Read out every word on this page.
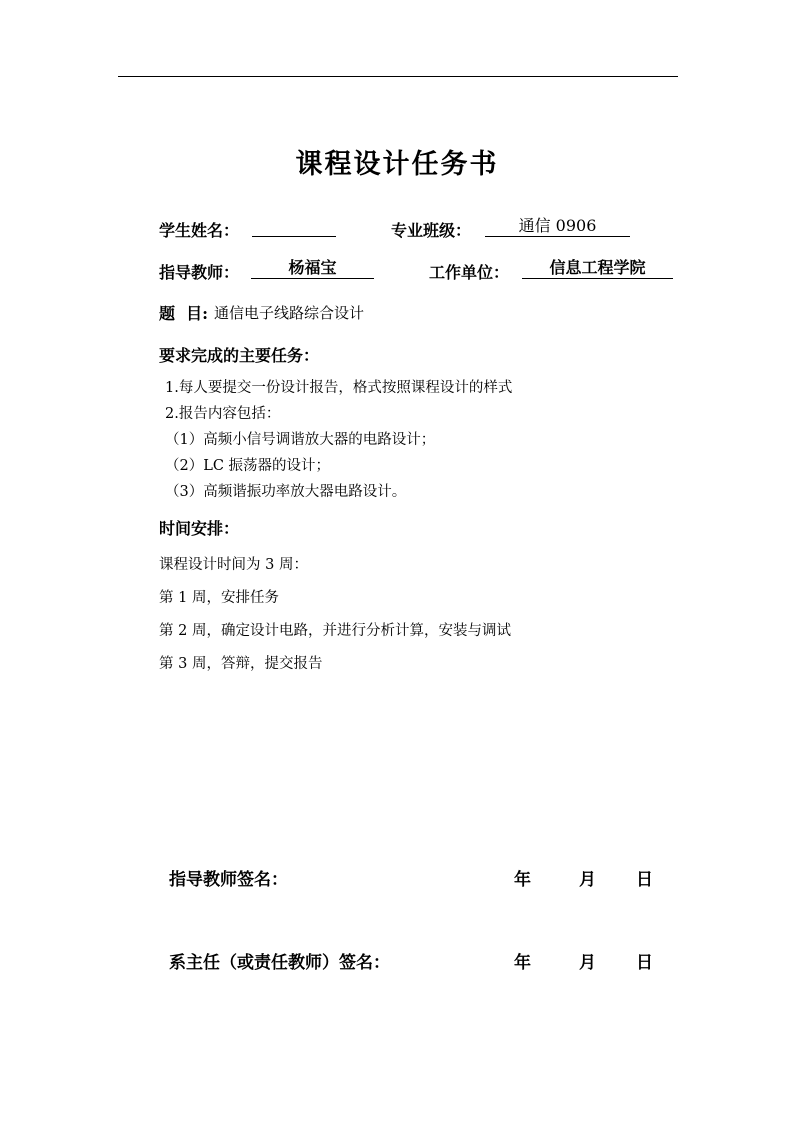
课程设计任务书
学生姓名：	专业班级：	通信 0906
指导教师：	杨福宝	工作单位：	信息工程学院
题  目: 通信电子线路综合设计
要求完成的主要任务：
1.每人要提交一份设计报告，格式按照课程设计的样式
2.报告内容包括：
（1）高频小信号调谐放大器的电路设计；
（2）LC 振荡器的设计；
（3）高频谐振功率放大器电路设计。
时间安排：
课程设计时间为 3 周：
第 1 周，安排任务
第 2 周，确定设计电路，并进行分析计算，安装与调试
第 3 周，答辩，提交报告
指导教师签名：	年	月 日
系主任（或责任教师）签名：	年	月 日
